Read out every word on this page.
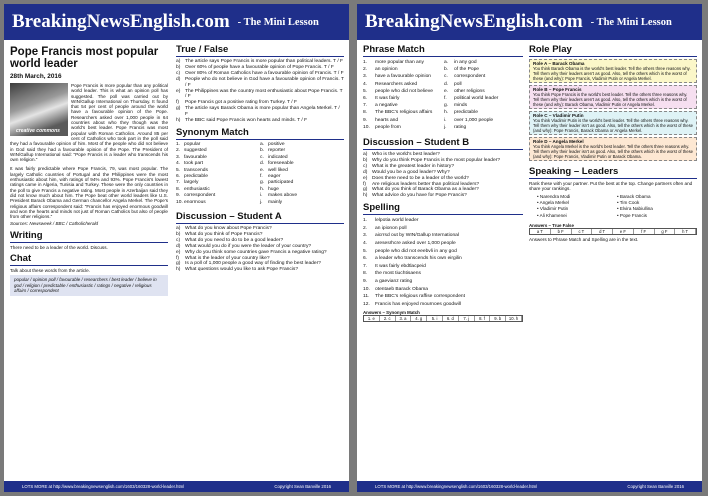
BreakingNewsEnglish.com - The Mini Lesson
Pope Francis most popular world leader
28th March, 2016
creative commons
Pope Francis is more popular than any political world leader. This is what an opinion poll has suggested. The poll was carried out by WIN/Gallup International on Thursday. It found that 54 per cent of people around the world have a favourable opinion of the Pope. Researchers asked over 1,000 people in 64 countries about who they though was the world's best leader. Pope Francis was most popular with Roman Catholics. Around 85 per cent of Catholics who took part in the poll said they had a favourable opinion of him. Most of the people who did not believe in God said they had a favourable opinion of the Pope. The President of WIN/Gallup International said: "Pope Francis is a leader who transcends his own religion."
It was fairly predictable where Pope Francis, 79, was most popular. The largely Catholic countries of Portugal and the Philippines were the most enthusiastic about him, with ratings of 94% and 93%. Pope Francis's lowest ratings came in Algeria, Tunisia and Turkey. These were the only countries in the poll to give Francis a negative rating. Most people in Azerbaijan said they did not know much about him. The Pope beat other world leaders like U.S. President Barack Obama and German chancellor Angela Merkel. The Pope's religious affairs correspondent said: "Francis has enjoyed enormous goodwill and won the hearts and minds not just of Roman Catholics but also of people from other religions."
Sources: Newsweek / BBC / Catholicherald
Writing
There need to be a leader of the world. Discuss.
Chat
Talk about these words from the article.
popular / opinion poll / favourable / researchers / best leader / believe in god / religion / predictable / enthusiastic / ratings / negative / religious affairs / correspondent
True / False
a) The article says Pope Francis is more popular than political leaders. T / F
b) Over 60% of people have a favourable opinion of Pope Francis. T / F
c)	Over 80% of Roman Catholics have a favourable opinion of Francis. T / F
d) People who do not believe in God have a favourable opinion of Francis. T / F
e) The Philippines was the country most enthusiastic about Pope Francis. T / F
f)	Pope Francis got a positive rating from Turkey. T / F
g) The article says Barack Obama is more popular than Angela Merkel. T / F
h) The BBC said Pope Francis won hearts and minds. T / F
Synonym Match
1. popular	a. positive
2. suggested	b. reporter
3. favourable	c. indicated
4. took part	d. foreseeable
5. transcends	e. well liked
6. predictable	f.	eager
7. largely	g. participated
8. enthusiastic	h. huge
9. correspondent	i.	makes above
10. enormous	j.	mainly
Discussion – Student A
a) What do you know about Pope Francis?
b) What do you think of Pope Francis?
c)	What do you need to do to be a good leader?
d) What would you do if you were the leader of your country?
e) Why do you think some countries gave Francis a negative rating?
f)	What is the leader of your country like?
g) Is a poll of 1,000 people a good way of finding the best leader?
h) What questions would you like to ask Pope Francis?
LOTS MORE at http://www.breakingnewsenglish.com/1603/160328-world-leader.html	Copyright Sean Banville 2016
BreakingNewsEnglish.com - The Mini Lesson
Phrase Match
1.	more popular than any	a.	in any god
2.	an opinion	b.	of the Pope
3.	have a favourable opinion	c.	correspondent
4.	Researchers asked	d.	poll
5.	people who did not believe	e.	other religions
6.	It was fairly	f.	political world leader
7.	a negative	g.	minds
8.	The BBC's religious affairs	h.	predictable
9.	hearts and	i.	over 1,000 people
10.	people from	j.	rating
Discussion – Student B
a) Who is the world's best leader?
b) Why do you think Pope Francis is the most popular leader?
c)	What is the greatest leader in history?
d) Would you be a good leader? Why?
e) Does there need to be a leader of the world?
f)	Are religious leaders better than political leaders?
g) What do you think of Barack Obama as a leader?
h) What advice do you have for Pope Francis?
Spelling
1.	lelpotia world leader
2.	an ipionon poll
3.	aicrrsd out by WIN/Gallup International
4.	aresesrhcre asked over 1,000 people
5.	people who did not eeebvli in any god
6.	a leader who transcends his own eirgilin
7.	It was fairly ebdtlacpeid
8.	the most tiuchtisaens
9.	a gaevianz rating
10.	otentaeb Barack Obama
11.	The BBC's religious raffise correspondent
12.	Francis has enjoyed mournoes goodwill
Answers – Synonym Match
1. e	2. c	3. a	4. g	5. i	6. d	7. j	8. f	9. b	10. h
Role Play
Role A – Barack Obama
You think Barack Obama is the world's best leader. Tell the others three reasons why. Tell them why their leaders aren't as good. Also, tell the others which is the worst of these (and why): Pope Francis, Vladimir Putin or Angela Merkel.
Role B – Pope Francis
You think Pope Francis is the world's best leader. Tell the others three reasons why. Tell them why their leaders aren't as good. Also, tell the others which is the worst of these (and why): Barack Obama, Vladimir Putin or Angela Merkel.
Role C – Vladimir Putin
You think Vladimir Putin is the world's best leader. Tell the others three reasons why. Tell them why their leader isn't as good. Also, tell the others which is the worst of these (and why): Pope Francis, Barack Obama or Angela Merkel.
Role D – Angela Merkel
You think Angela Merkel is the world's best leader. Tell the others three reasons why. Tell them why their leader isn't as good. Also, tell the others which is the worst of these (and why): Pope Francis, Vladimir Putin or Barack Obama.
Speaking – Leaders
Rank these with your partner. Put the best at the top. Change partners often and share your rankings.
• Narendra Modi	• Barack Obama
• Angela Merkel	• Tim Cook
• Vladimir Putin	• Elvira Nabiullina
• Ali Khamenei	• Pope Francis
Answers – True False
a T	b F	c T	d T	e F	f F	g F	h T
Answers to Phrase Match and Spelling are in the text.
LOTS MORE at http://www.breakingnewsenglish.com/1603/160328-world-leader.html	Copyright Sean Banville 2016
